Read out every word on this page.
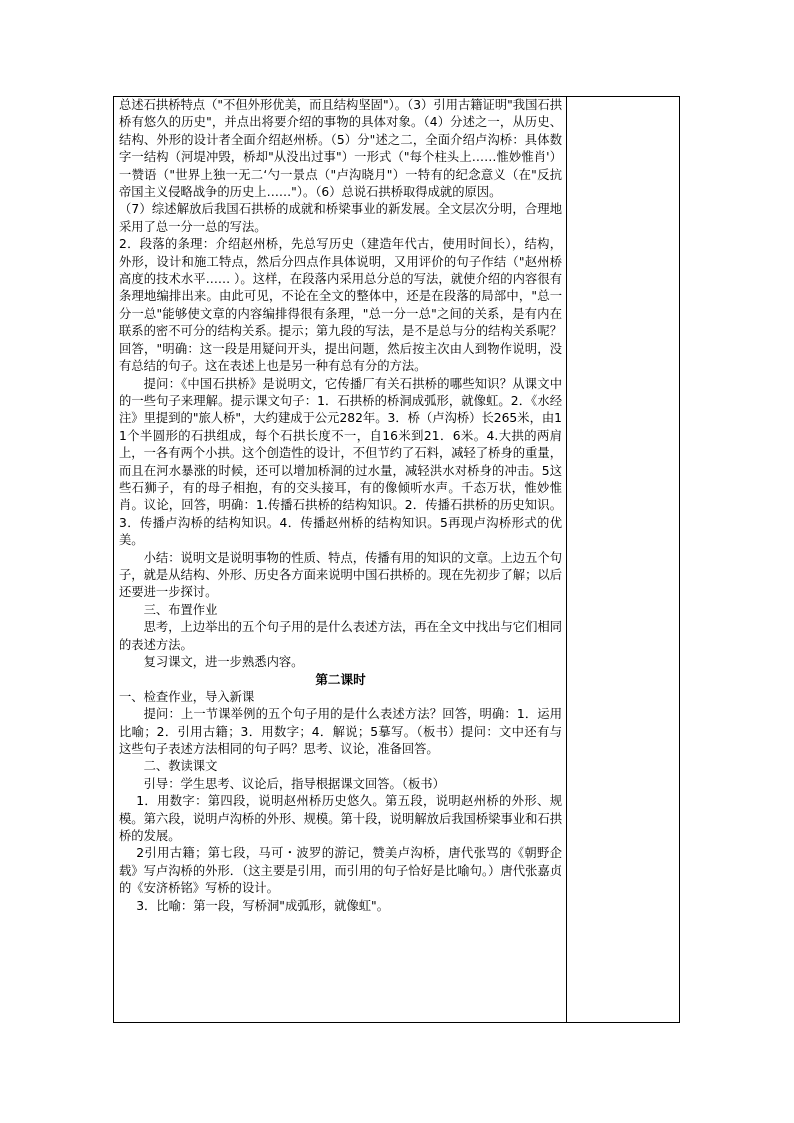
总述石拱桥特点（"不但外形优美，而且结构坚固"）。（3）引用古籍证明"我国石拱桥有悠久的历史"，并点出将要介绍的事物的具体对象。（4）分述之一，从历史、结构、外形的设计者全面介绍赵州桥。（5）分"述之二，全面介绍卢沟桥：具体数字一结构（河堤冲毁，桥却"从没出过事"）一形式（"每个柱头上……惟妙惟肖'）一赞语（"世界上独一无二‘勺一景点（"卢沟晓月"）一特有的纪念意义（在"反抗帝国主义侵略战争的历史上……"）。（6）总说石拱桥取得成就的原因。

（7）综述解放后我国石拱桥的成就和桥梁事业的新发展。全文层次分明，合理地采用了总一分一总的写法。

2．段落的条理：介绍赵州桥，先总写历史（建造年代古，使用时间长），结构，外形，设计和施工特点，然后分四点作具体说明，又用评价的句子作结（"赵州桥高度的技术水平…… ）。这样，在段落内采用总分总的写法，就使介绍的内容很有条理地编排出来。由此可见，不论在全文的整体中，还是在段落的局部中，"总一分一总"能够使文章的内容编排得很有条理，"总一分一总"之间的关系，是有内在联系的密不可分的结构关系。提示；第九段的写法，是不是总与分的结构关系呢？回答，"明确：这一段是用疑问开头，提出问题，然后按主次由人到物作说明，没有总结的句子。这在表述上也是另一种有总有分的方法。

提问：《中国石拱桥》是说明文，它传播厂有关石拱桥的哪些知识？从课文中的一些句子来理解。提示课文句子：1．石拱桥的桥洞成弧形，就像虹。2．《水经注》里提到的"旅人桥"，大约建成于公元282年。3．桥（卢沟桥）长265米，由11个半圆形的石拱组成，每个石拱长度不一，自16米到21．6米。4.大拱的两肩上，一各有两个小拱。这个创造性的设计，不但节约了石料，减轻了桥身的重量，而且在河水暴涨的时候，还可以增加桥洞的过水量，减轻洪水对桥身的冲击。5这些石狮子，有的母子相抱，有的交头接耳，有的像倾听水声。千态万状，惟妙惟肖。议论，回答，明确：1.传播石拱桥的结构知识。2．传播石拱桥的历史知识。3．传播卢沟桥的结构知识。4．传播赵州桥的结构知识。5再现卢沟桥形式的优美。

小结：说明文是说明事物的性质、特点，传播有用的知识的文章。上边五个句子，就是从结构、外形、历史各方面来说明中国石拱桥的。现在先初步了解；以后还要进一步探讨。

三、布置作业

思考，上边举出的五个句子用的是什么表述方法，再在全文中找出与它们相同的表述方法。

复习课文，进一步熟悉内容。

第二课时

一、检查作业，导入新课

提问：上一节课举例的五个句子用的是什么表述方法？回答，明确：1．运用比喻；2．引用古籍；3．用数字；4．解说；5摹写。（板书）提问：文中还有与这些句子表述方法相同的句子吗？思考、议论，准备回答。

二、教读课文

引导：学生思考、议论后，指导根据课文回答。（板书）

1．用数字：第四段，说明赵州桥历史悠久。第五段，说明赵州桥的外形、规模。第六段，说明卢沟桥的外形、规模。第十段，说明解放后我国桥梁事业和石拱桥的发展。

2引用古籍；第七段，马可・波罗的游记，赞美卢沟桥，唐代张骂的《朝野企载》写卢沟桥的外形．（这主要是引用，而引用的句子恰好是比喻句。）唐代张嘉贞的《安济桥铭》写桥的设计。

3．比喻：第一段，写桥洞"成弧形，就像虹"。
